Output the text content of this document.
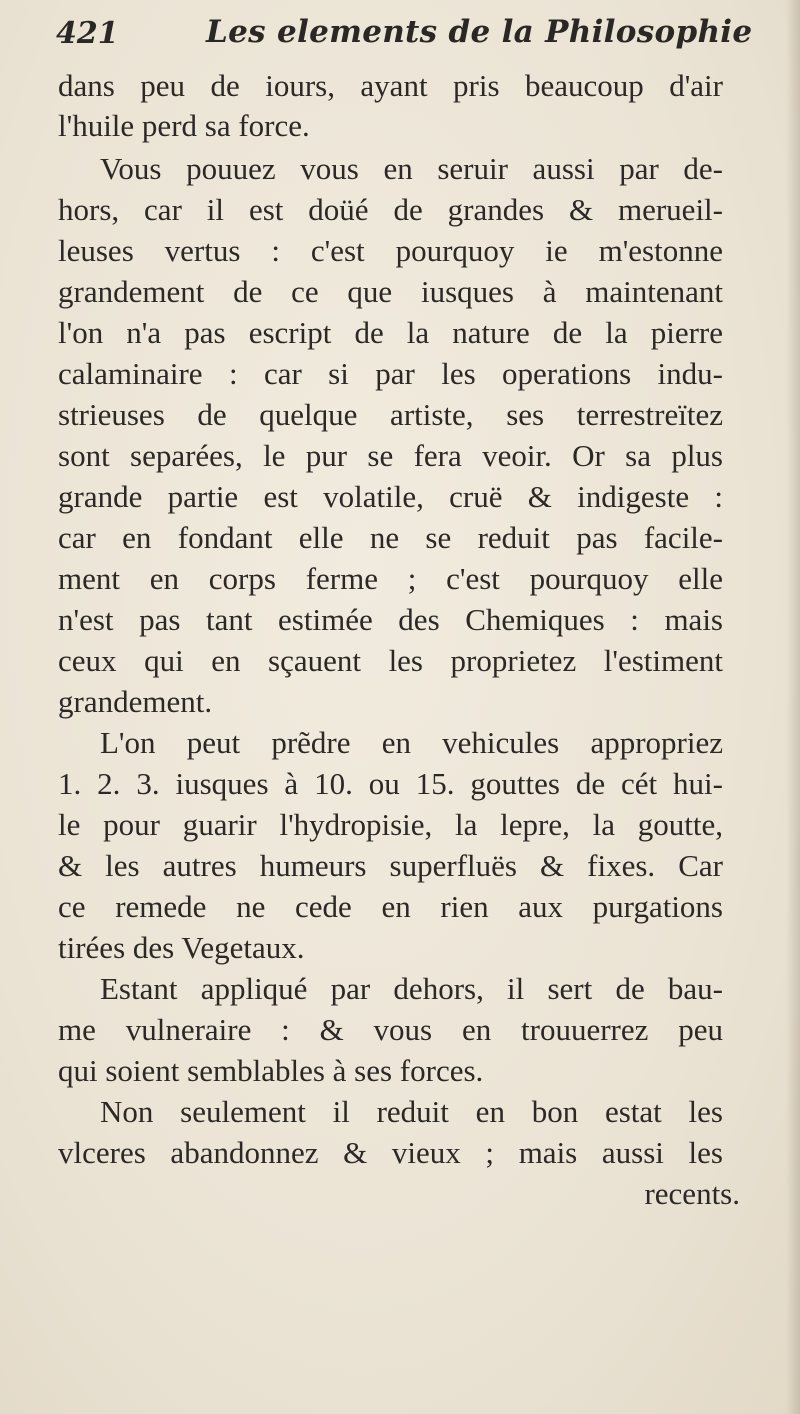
421	Les elements de la Philosophie
dans peu de iours, ayant pris beaucoup d'air
l'huile perd sa force.
Vous pouuez vous en seruir aussi par de-
hors, car il est doüé de grandes & merueil-
leuses vertus : c'est pourquoy ie m'estonne
grandement de ce que iusques à maintenant
l'on n'a pas escript de la nature de la pierre
calaminaire : car si par les operations indu-
strieuses de quelque artiste, ses terrestreïtez
sont separées, le pur se fera veoir. Or sa plus
grande partie est volatile, cruë & indigeste :
car en fondant elle ne se reduit pas facile-
ment en corps ferme ; c'est pourquoy elle
n'est pas tant estimée des Chemiques : mais
ceux qui en sçauent les proprietez l'estiment
grandement.
L'on peut prẽdre en vehicules appropriez
1. 2. 3. iusques à 10. ou 15. gouttes de cét hui-
le pour guarir l'hydropisie, la lepre, la goutte,
& les autres humeurs superfluës & fixes. Car
ce remede ne cede en rien aux purgations
tirées des Vegetaux.
Estant appliqué par dehors, il sert de bau-
me vulneraire : & vous en trouuerrez peu
qui soient semblables à ses forces.
Non seulement il reduit en bon estat les
vlceres abandonnez & vieux ; mais aussi les
recents.
